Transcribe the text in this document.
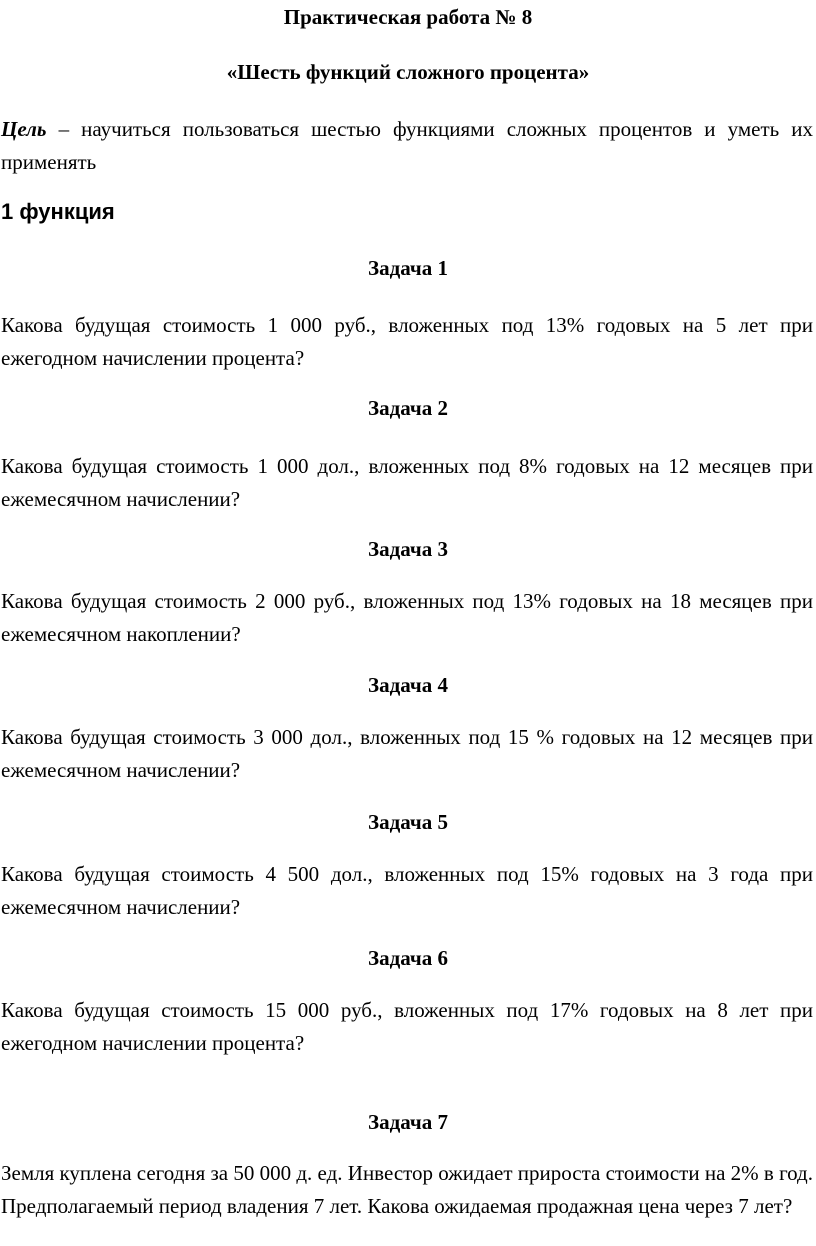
Практическая работа № 8
«Шесть функций сложного процента»
Цель – научиться пользоваться шестью функциями сложных процентов и уметь их применять
1 функция
Задача 1
Какова будущая стоимость 1 000 руб., вложенных под 13% годовых на 5 лет при ежегодном начислении процента?
Задача 2
Какова будущая стоимость 1 000 дол., вложенных под 8% годовых на 12 месяцев при ежемесячном начислении?
Задача 3
Какова будущая стоимость 2 000 руб., вложенных под 13% годовых на 18 месяцев при ежемесячном накоплении?
Задача 4
Какова будущая стоимость 3 000 дол., вложенных под 15 % годовых на 12 месяцев при ежемесячном начислении?
Задача 5
Какова будущая стоимость 4 500 дол., вложенных под 15% годовых на 3 года при ежемесячном начислении?
Задача 6
Какова будущая стоимость 15 000 руб., вложенных под 17% годовых на 8 лет при ежегодном начислении процента?
Задача 7
Земля куплена сегодня за 50 000 д. ед. Инвестор ожидает прироста стоимости на 2% в год. Предполагаемый период владения 7 лет. Какова ожидаемая продажная цена через 7 лет?
